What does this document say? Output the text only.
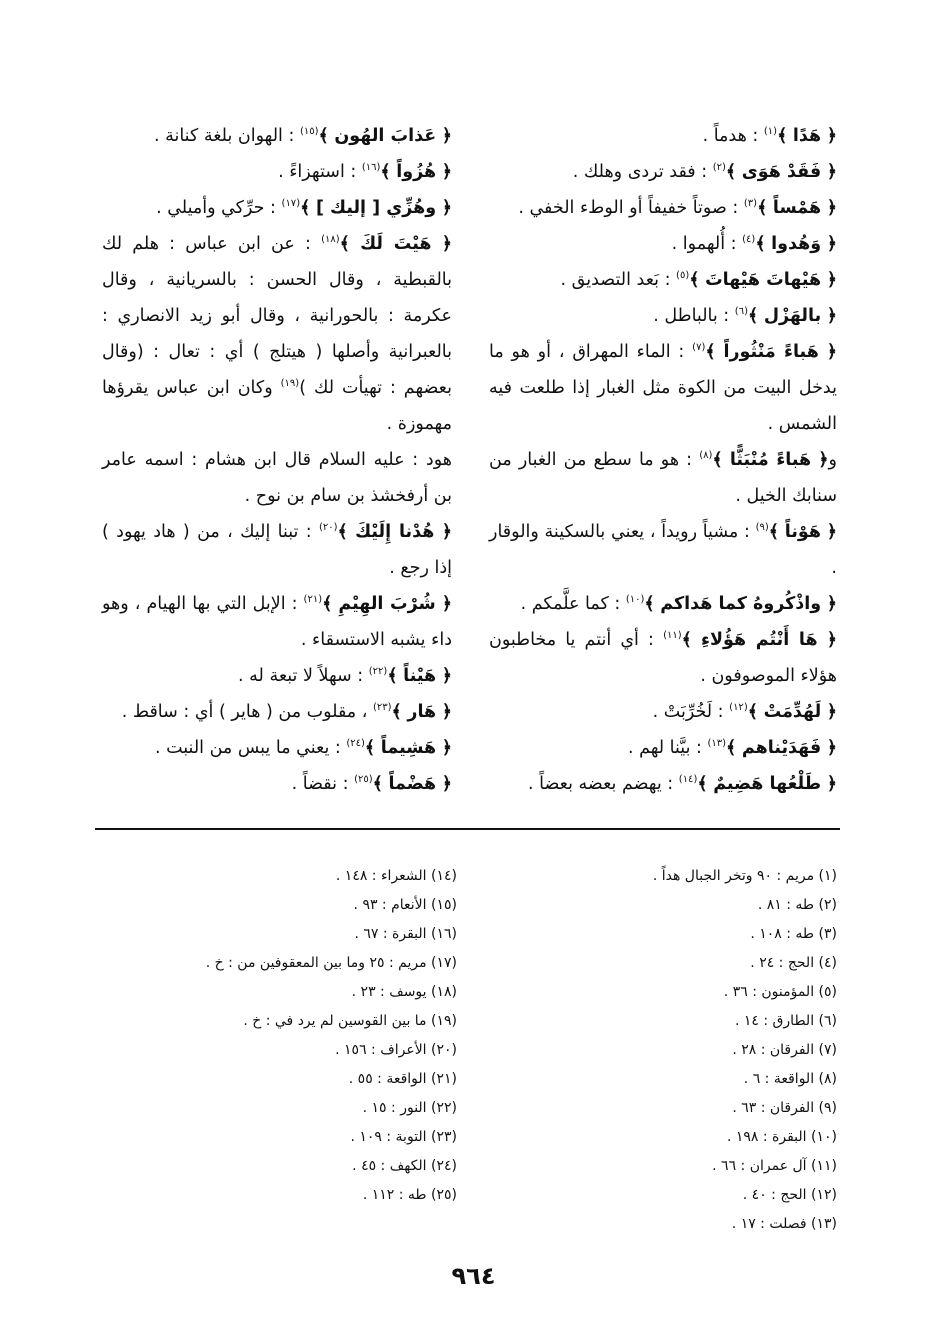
﴿ هَدًا ﴾$^{(١)}$ : هدماً .

﴿ فَقَدْ هَوَى ﴾$^{(٢)}$ : فقد تردى وهلك .

﴿ هَمْساً ﴾$^{(٣)}$ : صوتاً خفيفاً أو الوطء الخفي .

﴿ وَهُدوا ﴾$^{(٤)}$ : أُلهموا .

﴿ هَيْهاتَ هَيْهاتَ ﴾$^{(٥)}$ : بَعد التصديق .

﴿ بالهَزْل ﴾$^{(٦)}$ : بالباطل .

﴿ هَباءً مَنْثُوراً ﴾$^{(٧)}$ : الماء المهراق ، أو هو ما يدخل البيت من الكوة مثل الغبار إذا طلعت فيه الشمس .

و﴿ هَباءً مُنْبَثًّا ﴾$^{(٨)}$ : هو ما سطع من الغبار من سنابك الخيل .

﴿ هَوْناً ﴾$^{(٩)}$ : مشياً رويداً ، يعني بالسكينة والوقار .

﴿ واذْكُروهُ كما هَداكم ﴾$^{(١٠)}$ : كما علَّمكم .

﴿ هَا أَنْتُم هَؤُلاءِ ﴾$^{(١١)}$ : أي أنتم يا مخاطبون هؤلاء الموصوفون .

﴿ لَهُدِّمَتْ ﴾$^{(١٢)}$ : لَخُرِّبَتْ .

﴿ فَهَدَيْناهم ﴾$^{(١٣)}$ : بيَّنا لهم .

﴿ طَلْعُها هَضِيمٌ ﴾$^{(١٤)}$ : يهضم بعضه بعضاً .

﴿ عَذابَ الهُون ﴾$^{(١٥)}$ : الهوان بلغة كنانة .

﴿ هُزُواً ﴾$^{(١٦)}$ : استهزاءً .

﴿ وهُزِّي [ إليك ] ﴾$^{(١٧)}$ : حرِّكي وأميلي .

﴿ هَيْتَ لَكَ ﴾$^{(١٨)}$ : عن ابن عباس : هلم لك بالقبطية ، وقال الحسن : بالسريانية ، وقال عكرمة : بالحورانية ، وقال أبو زيد الانصاري : بالعبرانية وأصلها ( هيتلج ) أي : تعال : (وقال بعضهم : تهيأت لك )$^{(١٩)}$ وكان ابن عباس يقرؤها مهموزة .

هود : عليه السلام قال ابن هشام : اسمه عامر بن أرفخشذ بن سام بن نوح .

﴿ هُدْنا إِلَيْكَ ﴾$^{(٢٠)}$ : تبنا إليك ، من ( هاد يهود ) إذا رجع .

﴿ شُرْبَ الهِيْمِ ﴾$^{(٢١)}$ : الإبل التي بها الهيام ، وهو داء يشبه الاستسقاء .

﴿ هَيْناً ﴾$^{(٢٢)}$ : سهلاً لا تبعة له .

﴿ هَار ﴾$^{(٢٣)}$ ، مقلوب من ( هاير ) أي : ساقط .

﴿ هَشِيماً ﴾$^{(٢٤)}$ : يعني ما يبس من النبت .

﴿ هَضْماً ﴾$^{(٢٥)}$ : نقضاً .

(١) مريم : ٩٠ وتخر الجبال هداً .
(٢) طه : ٨١ .
(٣) طه : ١٠٨ .
(٤) الحج : ٢٤ .
(٥) المؤمنون : ٣٦ .
(٦) الطارق : ١٤ .
(٧) الفرقان : ٢٨ .
(٨) الواقعة : ٦ .
(٩) الفرقان : ٦٣ .
(١٠) البقرة : ١٩٨ .
(١١) آل عمران : ٦٦ .
(١٢) الحج : ٤٠ .
(١٣) فصلت : ١٧ .
(١٤) الشعراء : ١٤٨ .
(١٥) الأنعام : ٩٣ .
(١٦) البقرة : ٦٧ .
(١٧) مريم : ٢٥ وما بين المعقوفين من : خ .
(١٨) يوسف : ٢٣ .
(١٩) ما بين القوسين لم يرد في : خ .
(٢٠) الأعراف : ١٥٦ .
(٢١) الواقعة : ٥٥ .
(٢٢) النور : ١٥ .
(٢٣) التوبة : ١٠٩ .
(٢٤) الكهف : ٤٥ .
(٢٥) طه : ١١٢ .
٩٦٤
